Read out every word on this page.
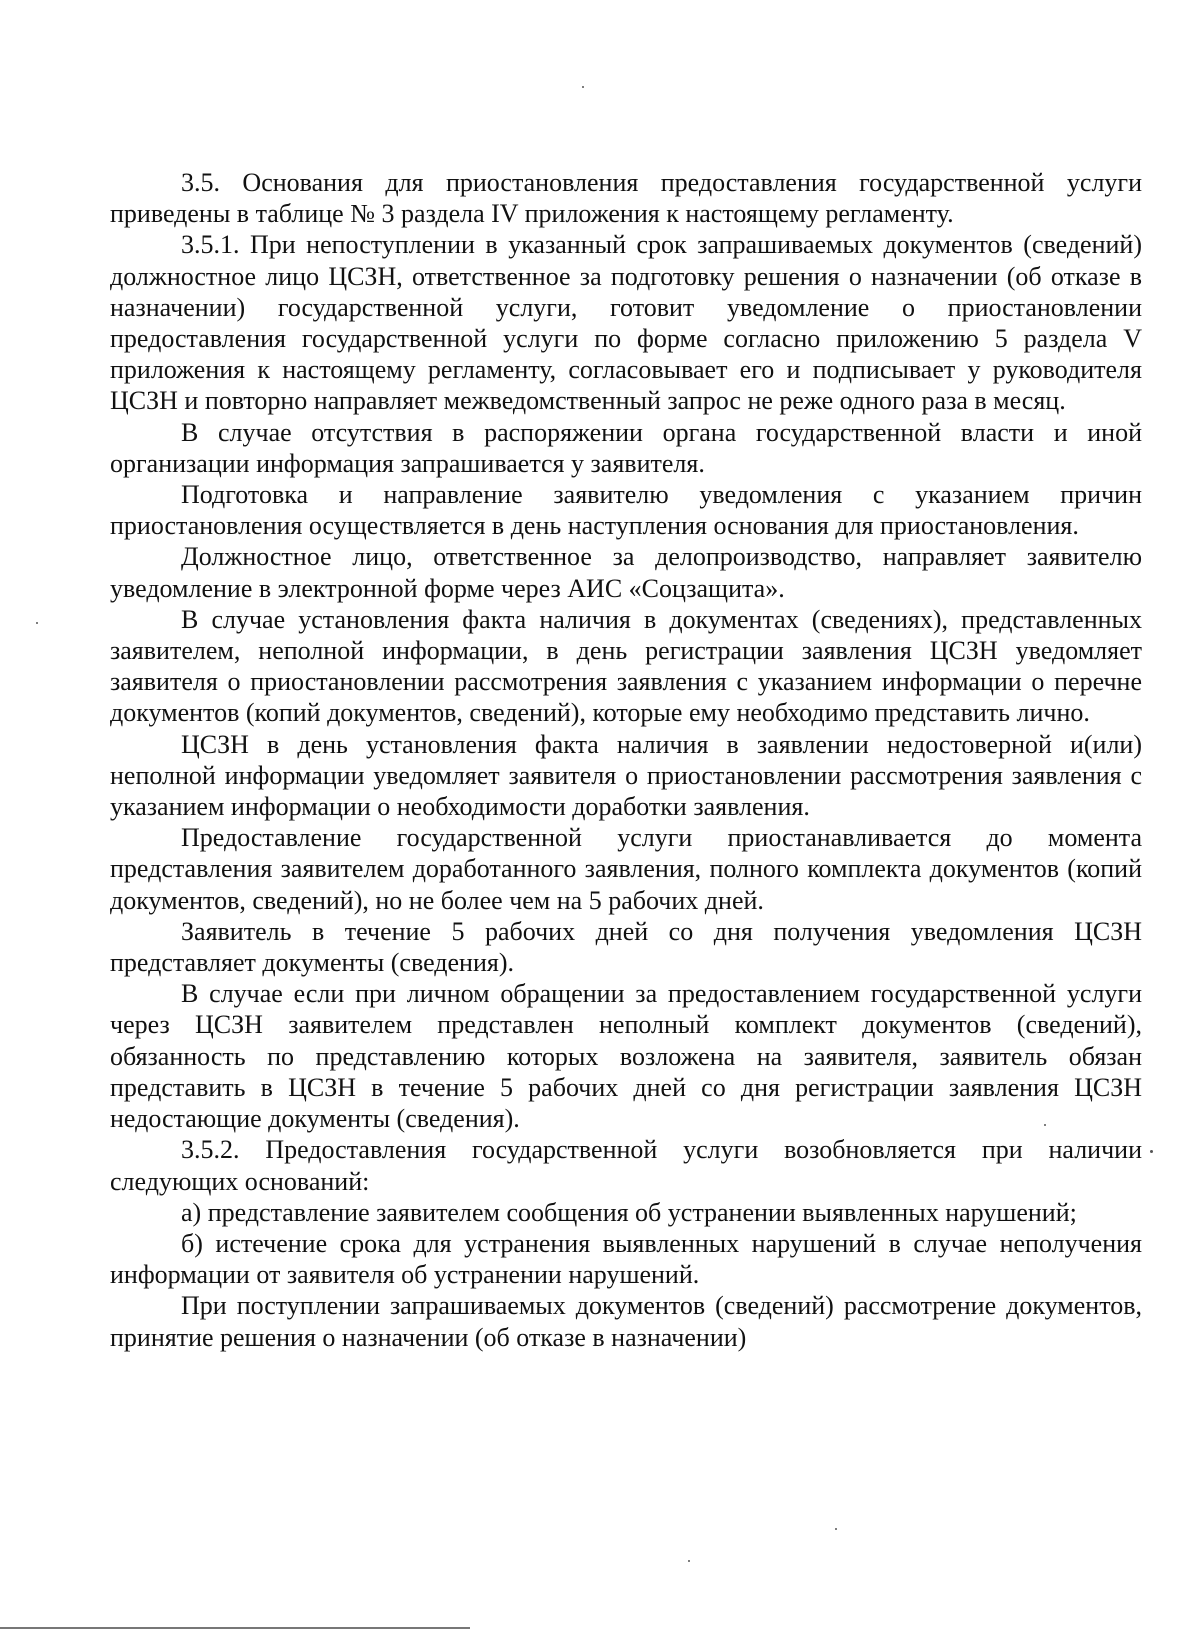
3.5. Основания для приостановления предоставления государственной услуги приведены в таблице № 3 раздела IV приложения к настоящему регламенту.

3.5.1. При непоступлении в указанный срок запрашиваемых документов (сведений) должностное лицо ЦСЗН, ответственное за подготовку решения о назначении (об отказе в назначении) государственной услуги, готовит уведомление о приостановлении предоставления государственной услуги по форме согласно приложению 5 раздела V приложения к настоящему регламенту, согласовывает его и подписывает у руководителя ЦСЗН и повторно направляет межведомственный запрос не реже одного раза в месяц.

В случае отсутствия в распоряжении органа государственной власти и иной организации информация запрашивается у заявителя.

Подготовка и направление заявителю уведомления с указанием причин приостановления осуществляется в день наступления основания для приостановления.

Должностное лицо, ответственное за делопроизводство, направляет заявителю уведомление в электронной форме через АИС «Соцзащита».

В случае установления факта наличия в документах (сведениях), представленных заявителем, неполной информации, в день регистрации заявления ЦСЗН уведомляет заявителя о приостановлении рассмотрения заявления с указанием информации о перечне документов (копий документов, сведений), которые ему необходимо представить лично.

ЦСЗН в день установления факта наличия в заявлении недостоверной и(или) неполной информации уведомляет заявителя о приостановлении рассмотрения заявления с указанием информации о необходимости доработки заявления.

Предоставление государственной услуги приостанавливается до момента представления заявителем доработанного заявления, полного комплекта документов (копий документов, сведений), но не более чем на 5 рабочих дней.

Заявитель в течение 5 рабочих дней со дня получения уведомления ЦСЗН представляет документы (сведения).

В случае если при личном обращении за предоставлением государственной услуги через ЦСЗН заявителем представлен неполный комплект документов (сведений), обязанность по представлению которых возложена на заявителя, заявитель обязан представить в ЦСЗН в течение 5 рабочих дней со дня регистрации заявления ЦСЗН недостающие документы (сведения).

3.5.2. Предоставления государственной услуги возобновляется при наличии следующих оснований:

а) представление заявителем сообщения об устранении выявленных нарушений;

б) истечение срока для устранения выявленных нарушений в случае неполучения информации от заявителя об устранении нарушений.

При поступлении запрашиваемых документов (сведений) рассмотрение документов, принятие решения о назначении (об отказе в назначении)
